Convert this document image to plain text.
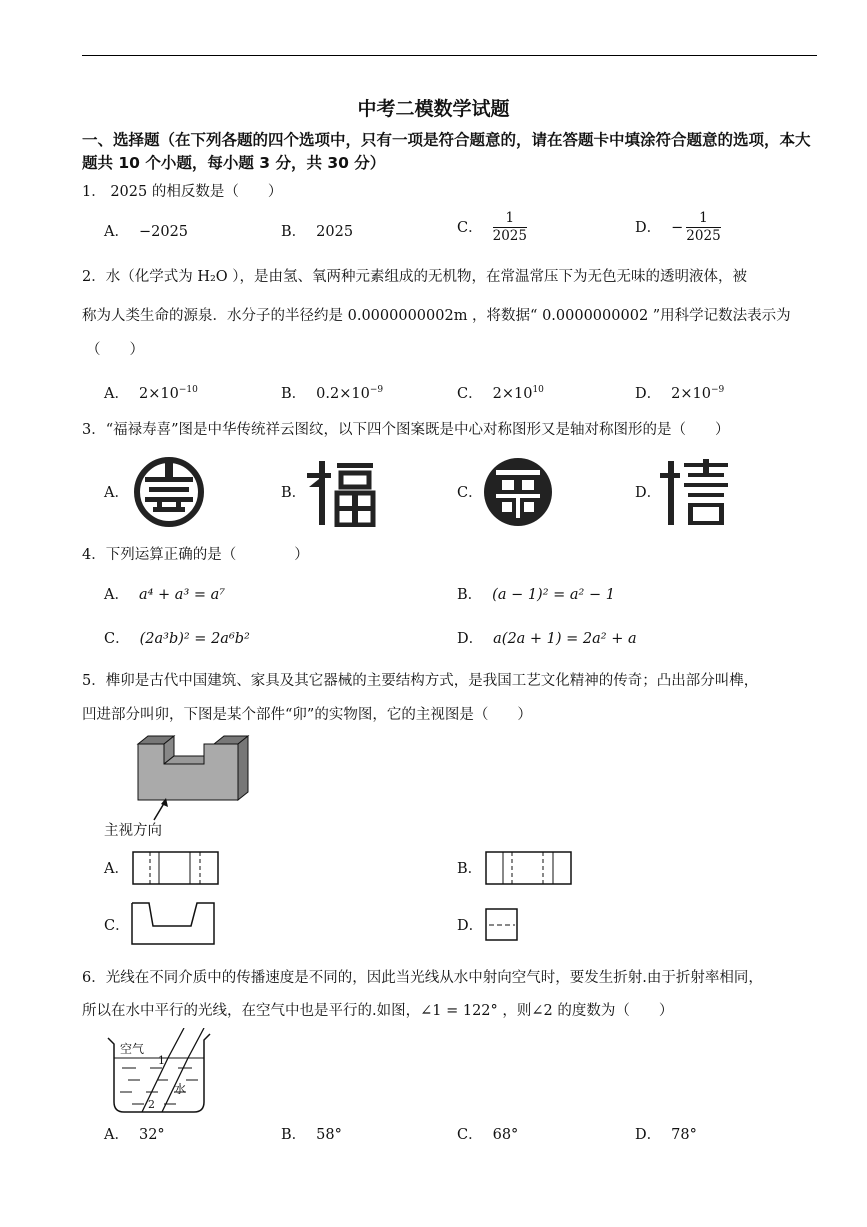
中考二模数学试题
一、选择题（在下列各题的四个选项中，只有一项是符合题意的，请在答题卡中填涂符合题意的选项，本大题共 10 个小题，每小题 3 分，共 30 分）
1． 2025 的相反数是（　　）
A． −2025	B． 2025	C． $\frac{1}{2025}$	D． − $\frac{1}{2025}$
2．水（化学式为 H₂O ），是由氢、氧两种元素组成的无机物，在常温常压下为无色无味的透明液体，被
称为人类生命的源泉．水分子的半径约是 0.0000000002m ，将数据“ 0.0000000002 ”用科学记数法表示为
（　　）
A． $2\times 10^{-10}$	B． $0.2\times 10^{-9}$	C． $2\times 10^{10}$	D． $2\times 10^{-9}$
3．“福禄寿喜”图是中华传统祥云图纹，以下四个图案既是中心对称图形又是轴对称图形的是（　　）
A．	B．	C．	D．
4．下列运算正确的是（　　　　）
A． a⁴ + a³ = a⁷	B． (a − 1)² = a² − 1
C． (2a³b)² = 2a⁶b²	D． a(2a + 1) = 2a² + a
5．榫卯是古代中国建筑、家具及其它器械的主要结构方式，是我国工艺文化精神的传奇；凸出部分叫榫，
凹进部分叫卯，下图是某个部件“卯”的实物图，它的主视图是（　　）
主视方向
A．	B．
C．	D．
6．光线在不同介质中的传播速度是不同的，因此当光线从水中射向空气时，要发生折射.由于折射率相同，
所以在水中平行的光线，在空气中也是平行的.如图，∠1 = 122° ，则∠2 的度数为（　　）
空气
水
1
2
A． 32°	B． 58°	C． 68°	D． 78°
